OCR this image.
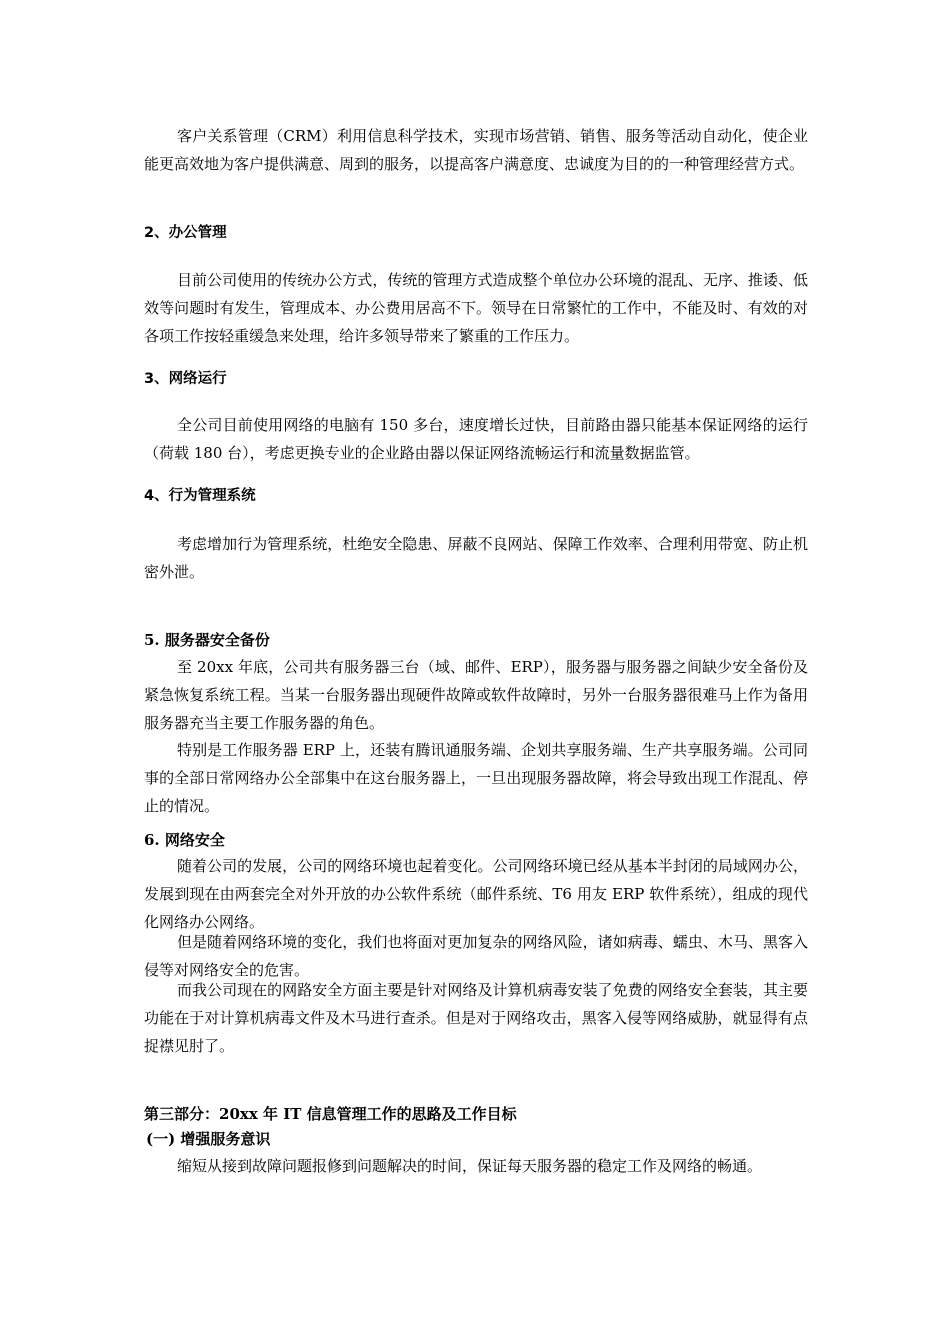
客户关系管理（CRM）利用信息科学技术，实现市场营销、销售、服务等活动自动化，使企业能更高效地为客户提供满意、周到的服务，以提高客户满意度、忠诚度为目的的一种管理经营方式。

2、办公管理

目前公司使用的传统办公方式，传统的管理方式造成整个单位办公环境的混乱、无序、推诿、低效等问题时有发生，管理成本、办公费用居高不下。领导在日常繁忙的工作中，不能及时、有效的对各项工作按轻重缓急来处理，给许多领导带来了繁重的工作压力。

3、网络运行

全公司目前使用网络的电脑有 150 多台，速度增长过快，目前路由器只能基本保证网络的运行（荷载 180 台），考虑更换专业的企业路由器以保证网络流畅运行和流量数据监管。

4、行为管理系统

考虑增加行为管理系统，杜绝安全隐患、屏蔽不良网站、保障工作效率、合理利用带宽、防止机密外泄。

5. 服务器安全备份

至 20xx 年底，公司共有服务器三台（域、邮件、ERP），服务器与服务器之间缺少安全备份及紧急恢复系统工程。当某一台服务器出现硬件故障或软件故障时，另外一台服务器很难马上作为备用服务器充当主要工作服务器的角色。

特别是工作服务器 ERP 上，还装有腾讯通服务端、企划共享服务端、生产共享服务端。公司同事的全部日常网络办公全部集中在这台服务器上，一旦出现服务器故障，将会导致出现工作混乱、停止的情况。

6. 网络安全

随着公司的发展，公司的网络环境也起着变化。公司网络环境已经从基本半封闭的局域网办公，发展到现在由两套完全对外开放的办公软件系统（邮件系统、T6 用友 ERP 软件系统），组成的现代化网络办公网络。

但是随着网络环境的变化，我们也将面对更加复杂的网络风险，诸如病毒、蠕虫、木马、黑客入侵等对网络安全的危害。

而我公司现在的网路安全方面主要是针对网络及计算机病毒安装了免费的网络安全套装，其主要功能在于对计算机病毒文件及木马进行查杀。但是对于网络攻击，黑客入侵等网络威胁，就显得有点捉襟见肘了。

第三部分：20xx 年 IT 信息管理工作的思路及工作目标

(一) 增强服务意识

缩短从接到故障问题报修到问题解决的时间，保证每天服务器的稳定工作及网络的畅通。
